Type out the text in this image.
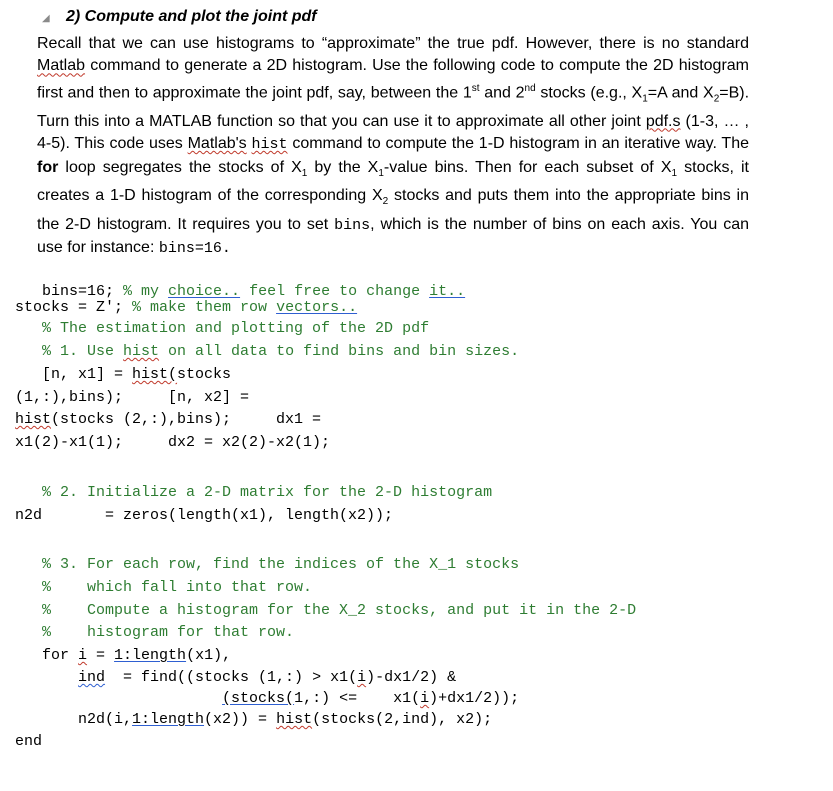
◢ 2) Compute and plot the joint pdf
Recall that we can use histograms to “approximate” the true pdf. However, there is no standard Matlab command to generate a 2D histogram. Use the following code to compute the 2D histogram first and then to approximate the joint pdf, say, between the 1st and 2nd stocks (e.g., $X_1=A$ and $X_2=B$). Turn this into a MATLAB function so that you can use it to approximate all other joint pdf.s (1-3, … , 4-5). This code uses Matlab's hist command to compute the 1-D histogram in an iterative way. The for loop segregates the stocks of $X_1$ by the $X_1$-value bins. Then for each subset of $X_1$ stocks, it creates a 1-D histogram of the corresponding $X_2$ stocks and puts them into the appropriate bins in the 2-D histogram. It requires you to set bins, which is the number of bins on each axis. You can use for instance: bins=16.
bins=16; % my choice.. feel free to change it..
stocks = Z'; % make them row vectors..
% The estimation and plotting of the 2D pdf
% 1. Use hist on all data to find bins and bin sizes.
[n, x1] = hist(stocks
(1,:),bins);     [n, x2] =
hist(stocks (2,:),bins);     dx1 =
x1(2)-x1(1);     dx2 = x2(2)-x2(1);
% 2. Initialize a 2-D matrix for the 2-D histogram
n2d       = zeros(length(x1), length(x2));
% 3. For each row, find the indices of the X_1 stocks
%    which fall into that row.
%    Compute a histogram for the X_2 stocks, and put it in the 2-D
%    histogram for that row.
for i = 1:length(x1),
ind  = find((stocks (1,:) > x1(i)-dx1/2) &
(stocks(1,:) <=    x1(i)+dx1/2));
n2d(i,1:length(x2)) = hist(stocks(2,ind), x2);
end
